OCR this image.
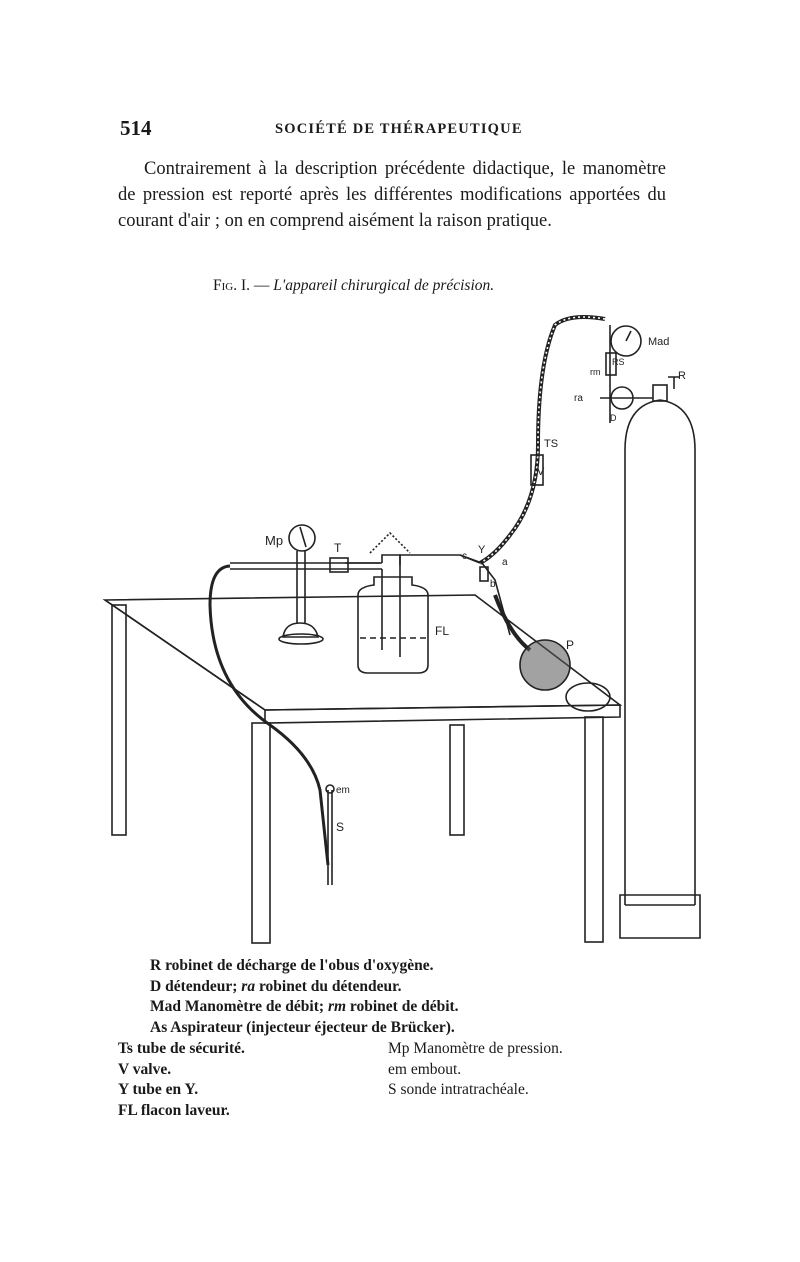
514	SOCIÉTÉ DE THÉRAPEUTIQUE

Contrairement à la description précédente didactique, le manomètre de pression est reporté après les différentes modifications apportées du courant d'air ; on en comprend aisément la raison pratique.

Fig. I. — L'appareil chirurgical de précision.
Mad
RS
rm
ra
D
R
TS
V
Mp	T
c
Y
a
b
FL
P
em
S
R robinet de décharge de l'obus d'oxygène.
D détendeur; ra robinet du détendeur.
Mad Manomètre de débit; rm robinet de débit.
As Aspirateur (injecteur éjecteur de Brücker).
Ts tube de sécurité.
V valve.
Y tube en Y.
FL flacon laveur.
Mp Manomètre de pression.
em embout.
S sonde intratrachéale.
